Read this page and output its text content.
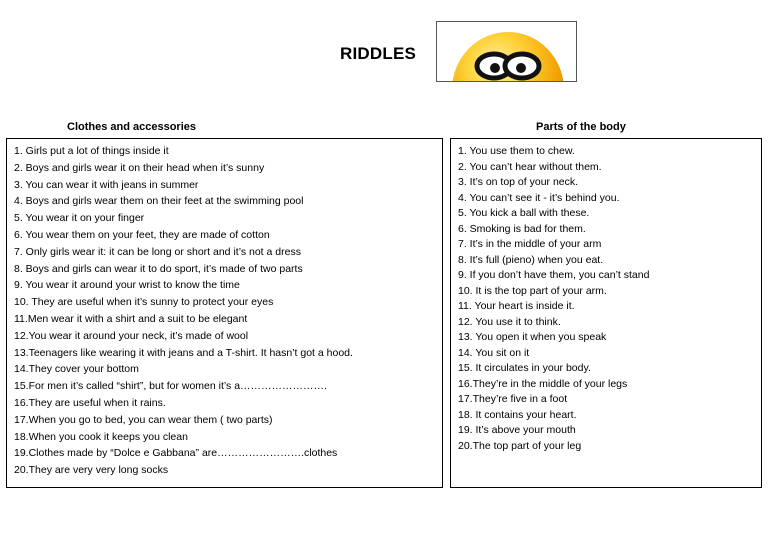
RIDDLES
Clothes and accessories	Parts of the body
1. Girls put a lot of things inside it
2. Boys and girls wear it on their head when it’s sunny
3. You can wear it with jeans in summer
4. Boys and girls wear them on their feet at the swimming pool
5. You wear it on your finger
6. You wear them on your feet, they are made of cotton
7. Only girls wear it: it can be long or short and it’s not a dress
8. Boys and girls can wear it to do sport, it’s made of two parts
9. You wear it around your wrist to know the time
10. They are useful when it’s sunny to protect your eyes
11.Men wear it with a shirt and a suit to be elegant
12.You wear it around your neck, it’s made of wool
13.Teenagers like wearing it with jeans and a T-shirt. It hasn’t got a hood.
14.They cover your bottom
15.For men it’s called “shirt”, but for women it’s a…………………….
16.They are useful when it rains.
17.When you go to bed, you can wear them ( two parts)
18.When you cook it keeps you clean
19.Clothes made by “Dolce e Gabbana” are…………………….clothes
20.They are very very long socks
1. You use them to chew.
2. You can’t hear without them.
3. It’s on top of your neck.
4. You can’t see it - it’s behind you.
5. You kick a ball with these.
6. Smoking is bad for them.
7. It’s in the middle of your arm
8. It’s full (pieno) when you eat.
9. If you don’t have them, you can’t stand
10. It is the top part of your arm.
11. Your heart is inside it.
12. You use it to think.
13. You open it when you speak
14. You sit on it
15. It circulates in your body.
16.They’re in the middle of your legs
17.They’re five in a foot
18. It contains your heart.
19. It’s above your mouth
20.The top part of your leg
